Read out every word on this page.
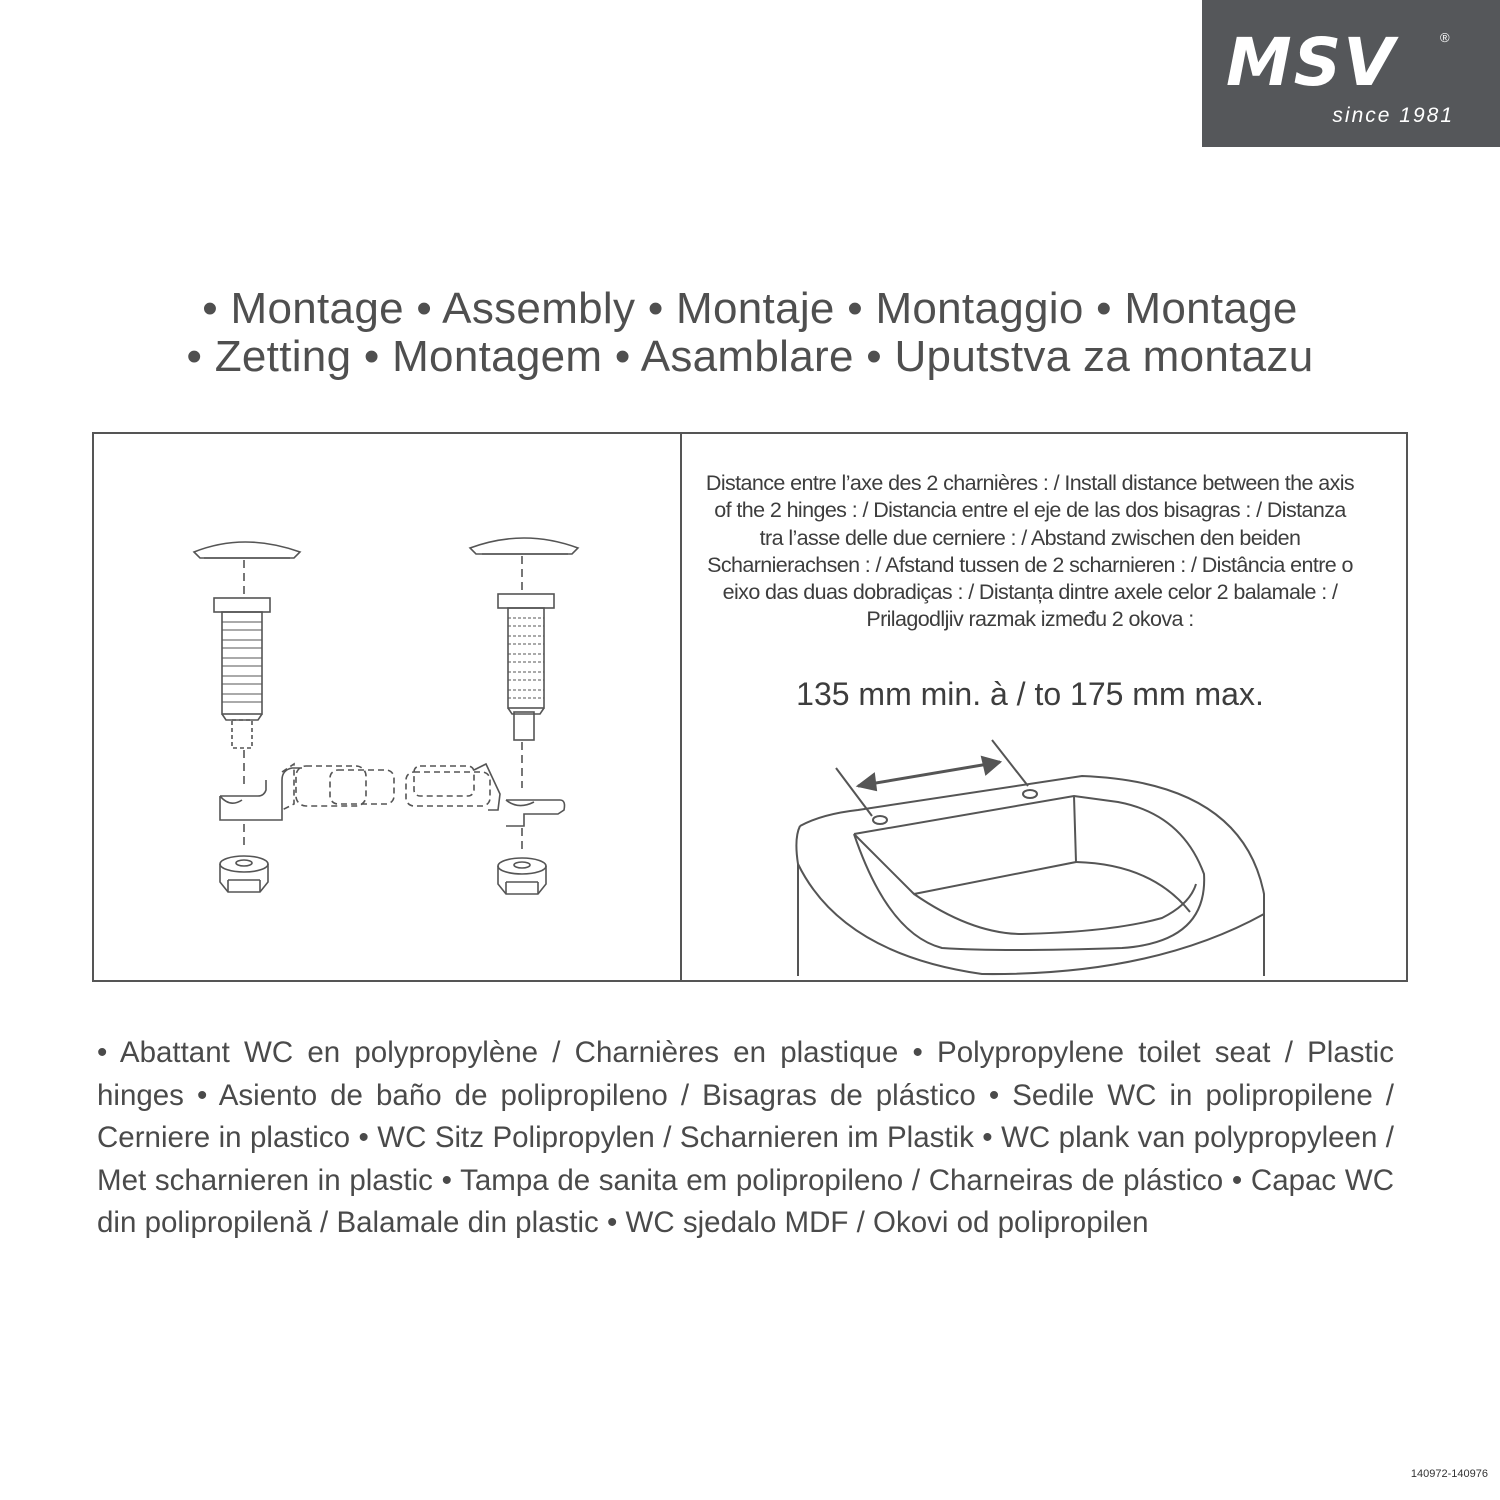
MSV	®
since 1981
• Montage • Assembly • Montaje • Montaggio • Montage
• Zetting • Montagem • Asamblare • Uputstva za montazu
Distance entre l’axe des 2 charnières : / Install distance between the axis of the 2 hinges : / Distancia entre el eje de las dos bisagras : / Distanza tra l’asse delle due cerniere : / Abstand zwischen den beiden Scharnierachsen : / Afstand tussen de 2 scharnieren : / Distância entre o eixo das duas dobradiças : / Distanța dintre axele celor 2 balamale : / Prilagodljiv razmak između 2 okova :
135 mm min. à / to 175 mm max.
• Abattant WC en polypropylène / Charnières en plastique • Polypropylene toilet seat / Plastic hinges • Asiento de baño de polipropileno / Bisagras de plástico • Sedile WC in polipropilene / Cerniere in plastico • WC Sitz Polipropylen / Scharnieren im Plastik • WC plank van polypropyleen / Met scharnieren in plastic • Tampa de sanita em polipropileno / Charneiras de plástico • Capac WC din polipropilenă / Balamale din plastic • WC sjedalo MDF / Okovi od polipropilen
140972-140976
